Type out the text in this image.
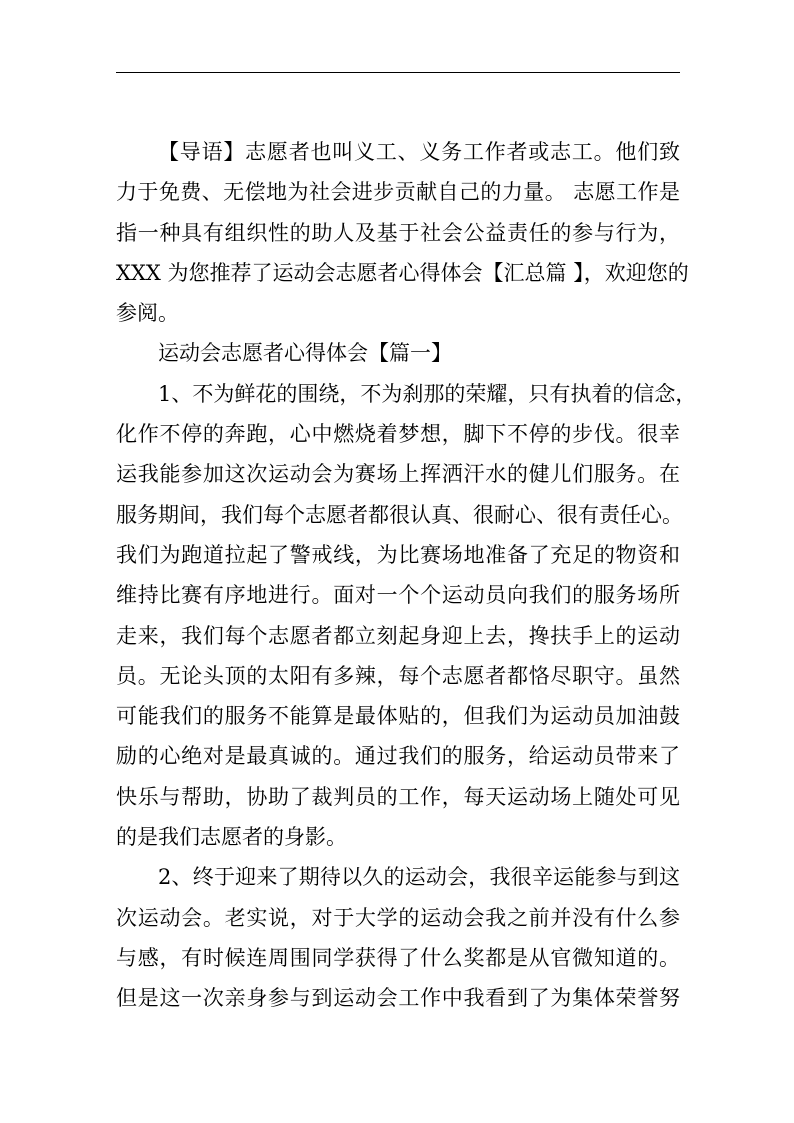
【导语】志愿者也叫义工、义务工作者或志工。他们致
力于免费、无偿地为社会进步贡献自己的力量。 志愿工作是
指一种具有组织性的助人及基于社会公益责任的参与行为，
XXX 为您推荐了运动会志愿者心得体会【汇总篇 】，欢迎您的
参阅。

运动会志愿者心得体会【篇一】

1、不为鲜花的围绕，不为刹那的荣耀，只有执着的信念，
化作不停的奔跑，心中燃烧着梦想，脚下不停的步伐。很幸
运我能参加这次运动会为赛场上挥洒汗水的健儿们服务。在
服务期间，我们每个志愿者都很认真、很耐心、很有责任心。
我们为跑道拉起了警戒线，为比赛场地准备了充足的物资和
维持比赛有序地进行。面对一个个运动员向我们的服务场所
走来，我们每个志愿者都立刻起身迎上去，搀扶手上的运动
员。无论头顶的太阳有多辣，每个志愿者都恪尽职守。虽然
可能我们的服务不能算是最体贴的，但我们为运动员加油鼓
励的心绝对是最真诚的。通过我们的服务，给运动员带来了
快乐与帮助，协助了裁判员的工作，每天运动场上随处可见
的是我们志愿者的身影。

2、终于迎来了期待以久的运动会，我很辛运能参与到这
次运动会。老实说，对于大学的运动会我之前并没有什么参
与感，有时候连周围同学获得了什么奖都是从官微知道的。
但是这一次亲身参与到运动会工作中我看到了为集体荣誉努
